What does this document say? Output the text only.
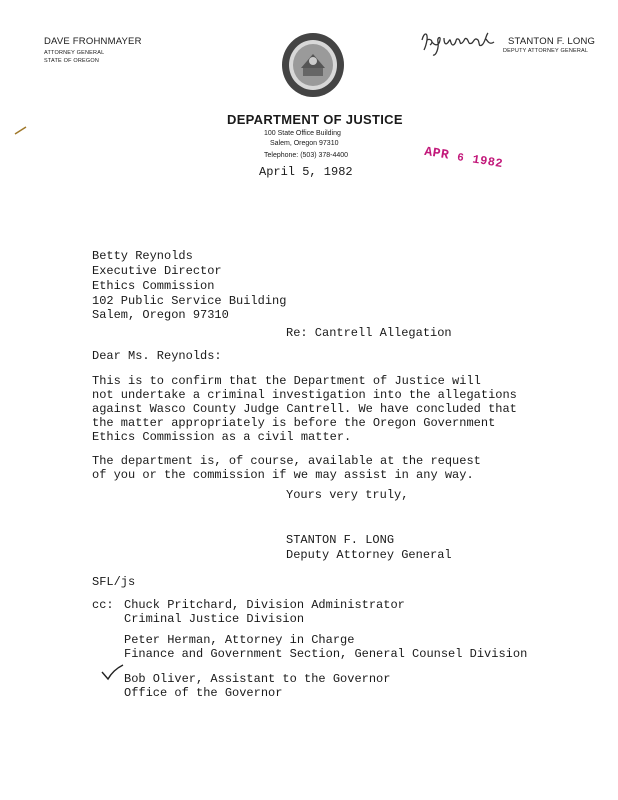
DAVE FROHNMAYER
ATTORNEY GENERAL
STATE OF OREGON
STANTON F. LONG
DEPUTY ATTORNEY GENERAL
DEPARTMENT OF JUSTICE
100 State Office Building
Salem, Oregon 97310
Telephone: (503) 378-4400	APR 6 1982
April 5, 1982
Betty Reynolds
Executive Director
Ethics Commission
102 Public Service Building
Salem, Oregon 97310
Re: Cantrell Allegation
Dear Ms. Reynolds:
This is to confirm that the Department of Justice will
not undertake a criminal investigation into the allegations
against Wasco County Judge Cantrell. We have concluded that
the matter appropriately is before the Oregon Government
Ethics Commission as a civil matter.
The department is, of course, available at the request
of you or the commission if we may assist in any way.
Yours very truly,
STANTON F. LONG
Deputy Attorney General
SFL/js
cc: Chuck Pritchard, Division Administrator
Criminal Justice Division
Peter Herman, Attorney in Charge
Finance and Government Section, General Counsel Division
Bob Oliver, Assistant to the Governor
Office of the Governor
